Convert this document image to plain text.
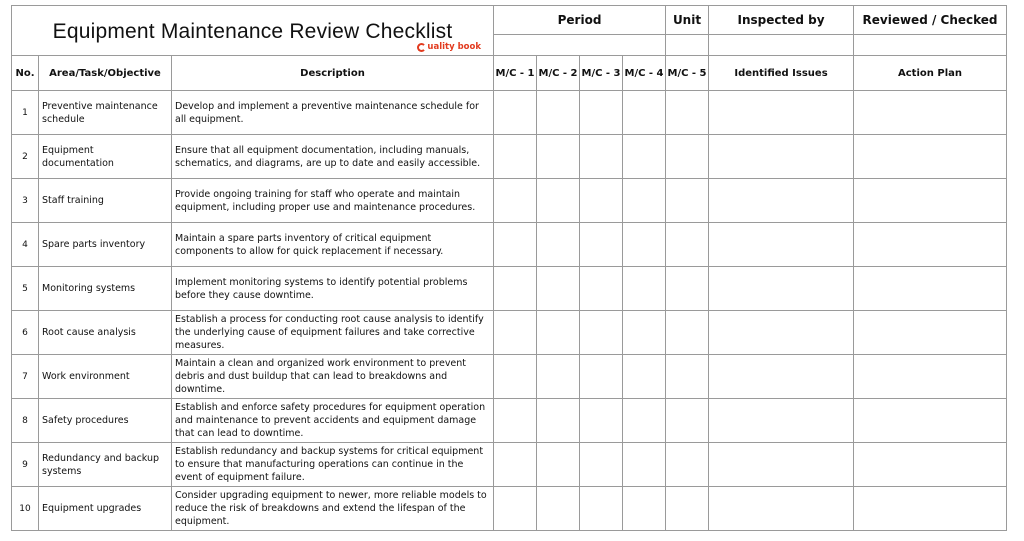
Equipment Maintenance Review Checklist
uality book			Period				Unit	Inspected by	Reviewed / Checked

No.	Area/Task/Objective	Description	M/C - 1	M/C - 2	M/C - 3	M/C - 4	M/C - 5	Identified Issues	Action Plan
1	Preventive maintenance schedule	Develop and implement a preventive maintenance schedule for all equipment.							
2	Equipment documentation	Ensure that all equipment documentation, including manuals, schematics, and diagrams, are up to date and easily accessible.							
3	Staff training	Provide ongoing training for staff who operate and maintain equipment, including proper use and maintenance procedures.							
4	Spare parts inventory	Maintain a spare parts inventory of critical equipment components to allow for quick replacement if necessary.							
5	Monitoring systems	Implement monitoring systems to identify potential problems before they cause downtime.							
6	Root cause analysis	Establish a process for conducting root cause analysis to identify the underlying cause of equipment failures and take corrective measures.							
7	Work environment	Maintain a clean and organized work environment to prevent debris and dust buildup that can lead to breakdowns and downtime.							
8	Safety procedures	Establish and enforce safety procedures for equipment operation and maintenance to prevent accidents and equipment damage that can lead to downtime.							
9	Redundancy and backup systems	Establish redundancy and backup systems for critical equipment to ensure that manufacturing operations can continue in the event of equipment failure.							
10	Equipment upgrades	Consider upgrading equipment to newer, more reliable models to reduce the risk of breakdowns and extend the lifespan of the equipment.							
